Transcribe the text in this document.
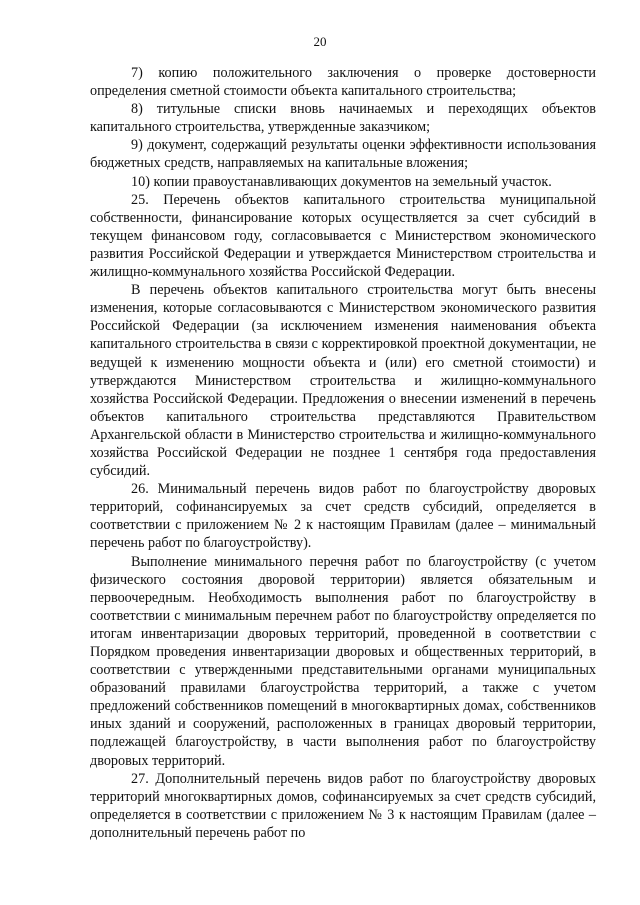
20

7) копию положительного заключения о проверке достоверности определения сметной стоимости объекта капитального строительства;

8) титульные списки вновь начинаемых и переходящих объектов капитального строительства, утвержденные заказчиком;

9) документ, содержащий результаты оценки эффективности использования бюджетных средств, направляемых на капитальные вложения;

10) копии правоустанавливающих документов на земельный участок.

25. Перечень объектов капитального строительства муниципальной собственности, финансирование которых осуществляется за счет субсидий в текущем финансовом году, согласовывается с Министерством экономического развития Российской Федерации и утверждается Министерством строительства и жилищно-коммунального хозяйства Российской Федерации.

В перечень объектов капитального строительства могут быть внесены изменения, которые согласовываются с Министерством экономического развития Российской Федерации (за исключением изменения наименования объекта капитального строительства в связи с корректировкой проектной документации, не ведущей к изменению мощности объекта и (или) его сметной стоимости) и утверждаются Министерством строительства и жилищно-коммунального хозяйства Российской Федерации. Предложения о внесении изменений в перечень объектов капитального строительства представляются Правительством Архангельской области в Министерство строительства и жилищно-коммунального хозяйства Российской Федерации не позднее 1 сентября года предоставления субсидий.

26. Минимальный перечень видов работ по благоустройству дворовых территорий, софинансируемых за счет средств субсидий, определяется в соответствии с приложением № 2 к настоящим Правилам (далее – минимальный перечень работ по благоустройству).

Выполнение минимального перечня работ по благоустройству (с учетом физического состояния дворовой территории) является обязательным и первоочередным. Необходимость выполнения работ по благоустройству в соответствии с минимальным перечнем работ по благоустройству определяется по итогам инвентаризации дворовых территорий, проведенной в соответствии с Порядком проведения инвентаризации дворовых и общественных территорий, в соответствии с утвержденными представительными органами муниципальных образований правилами благоустройства территорий, а также с учетом предложений собственников помещений в многоквартирных домах, собственников иных зданий и сооружений, расположенных в границах дворовый территории, подлежащей благоустройству, в части выполнения работ по благоустройству дворовых территорий.

27. Дополнительный перечень видов работ по благоустройству дворовых территорий многоквартирных домов, софинансируемых за счет средств субсидий, определяется в соответствии с приложением № 3 к настоящим Правилам (далее – дополнительный перечень работ по
